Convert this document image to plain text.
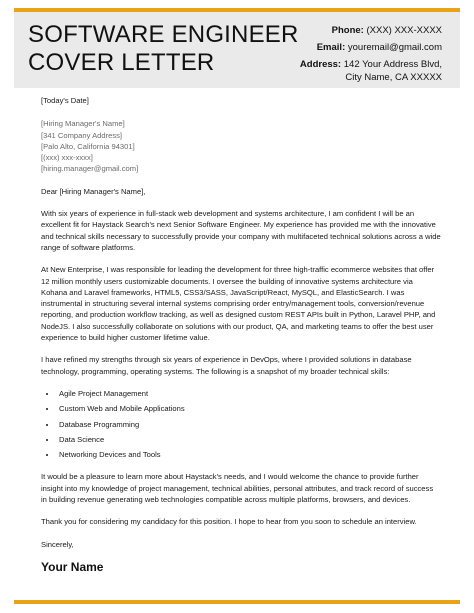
SOFTWARE ENGINEER
COVER LETTER
Phone: (XXX) XXX-XXXX
Email: youremail@gmail.com
Address: 142 Your Address Blvd,
City Name, CA XXXXX
[Today's Date]
[Hiring Manager's Name]
[341 Company Address]
[Palo Alto, California 94301]
[(xxx) xxx-xxxx]
[hiring.manager@gmail.com]

Dear [Hiring Manager's Name],

With six years of experience in full-stack web development and systems architecture, I am confident I will be an excellent fit for Haystack Search's next Senior Software Engineer. My experience has provided me with the innovative and technical skills necessary to successfully provide your company with multifaceted technical solutions across a wide range of software platforms.

At New Enterprise, I was responsible for leading the development for three high-traffic ecommerce websites that offer 12 million monthly users customizable documents. I oversee the building of innovative systems architecture via Kohana and Laravel frameworks, HTML5, CSS3/SASS, JavaScript/React, MySQL, and ElasticSearch. I was instrumental in structuring several internal systems comprising order entry/management tools, conversion/revenue reporting, and production workflow tracking, as well as designed custom REST APIs built in Python, Laravel PHP, and NodeJS. I also successfully collaborate on solutions with our product, QA, and marketing teams to offer the best user experience to build higher customer lifetime value.

I have refined my strengths through six years of experience in DevOps, where I provided solutions in database technology, programming, operating systems. The following is a snapshot of my broader technical skills:

• Agile Project Management
• Custom Web and Mobile Applications
• Database Programming
• Data Science
• Networking Devices and Tools

It would be a pleasure to learn more about Haystack's needs, and I would welcome the chance to provide further insight into my knowledge of project management, technical abilities, personal attributes, and track record of success in building revenue generating web technologies compatible across multiple platforms, browsers, and devices.

Thank you for considering my candidacy for this position. I hope to hear from you soon to schedule an interview.

Sincerely,

Your Name
